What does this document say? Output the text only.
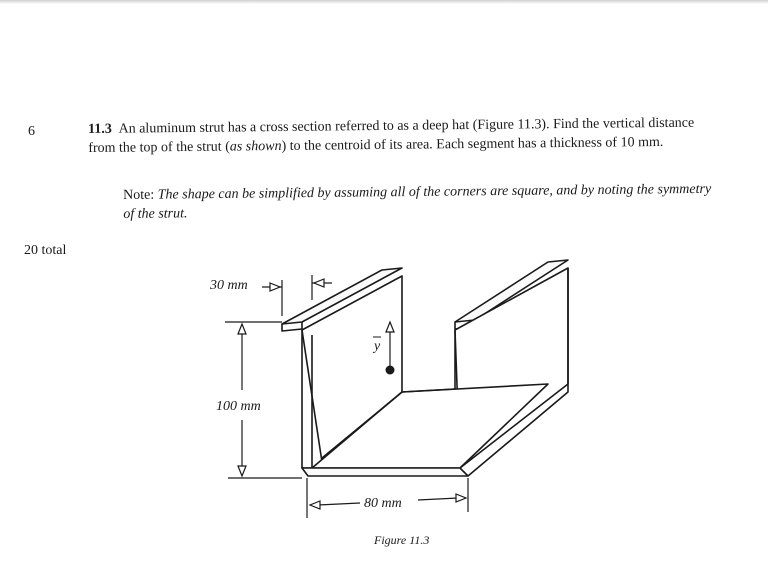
6
20 total
11.3 An aluminum strut has a cross section referred to as a deep hat (Figure 11.3). Find the vertical distance from the top of the strut (as shown) to the centroid of its area. Each segment has a thickness of 10 mm.
Note: The shape can be simplified by assuming all of the corners are square, and by noting the symmetry of the strut.
30 mm
100 mm
80 mm
y
Figure 11.3
